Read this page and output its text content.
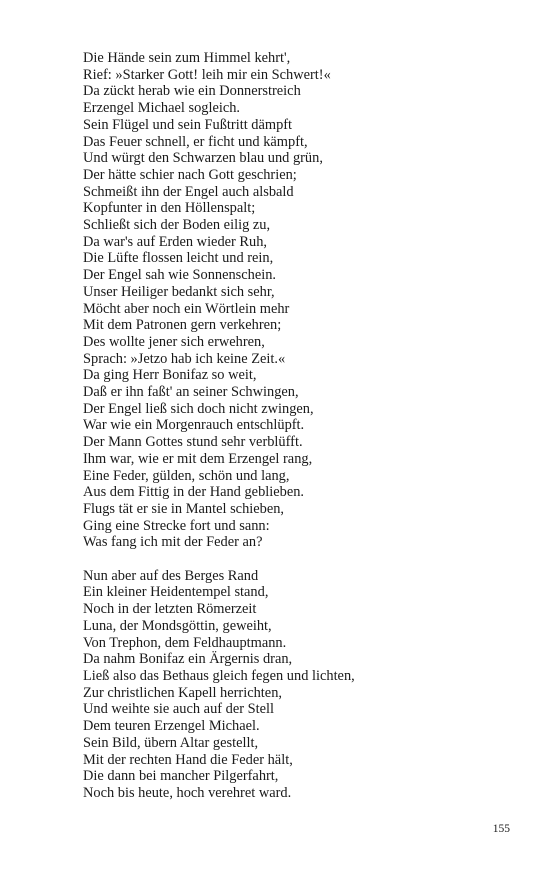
Die Hände sein zum Himmel kehrt',
Rief: »Starker Gott! leih mir ein Schwert!«
Da zückt herab wie ein Donnerstreich
Erzengel Michael sogleich.
Sein Flügel und sein Fußtritt dämpft
Das Feuer schnell, er ficht und kämpft,
Und würgt den Schwarzen blau und grün,
Der hätte schier nach Gott geschrien;
Schmeißt ihn der Engel auch alsbald
Kopfunter in den Höllenspalt;
Schließt sich der Boden eilig zu,
Da war's auf Erden wieder Ruh,
Die Lüfte flossen leicht und rein,
Der Engel sah wie Sonnenschein.
Unser Heiliger bedankt sich sehr,
Möcht aber noch ein Wörtlein mehr
Mit dem Patronen gern verkehren;
Des wollte jener sich erwehren,
Sprach: »Jetzo hab ich keine Zeit.«
Da ging Herr Bonifaz so weit,
Daß er ihn faßt' an seiner Schwingen,
Der Engel ließ sich doch nicht zwingen,
War wie ein Morgenrauch entschlüpft.
Der Mann Gottes stund sehr verblüfft.
Ihm war, wie er mit dem Erzengel rang,
Eine Feder, gülden, schön und lang,
Aus dem Fittig in der Hand geblieben.
Flugs tät er sie in Mantel schieben,
Ging eine Strecke fort und sann:
Was fang ich mit der Feder an?

Nun aber auf des Berges Rand
Ein kleiner Heidentempel stand,
Noch in der letzten Römerzeit
Luna, der Mondsgöttin, geweiht,
Von Trephon, dem Feldhauptmann.
Da nahm Bonifaz ein Ärgernis dran,
Ließ also das Bethaus gleich fegen und lichten,
Zur christlichen Kapell herrichten,
Und weihte sie auch auf der Stell
Dem teuren Erzengel Michael.
Sein Bild, übern Altar gestellt,
Mit der rechten Hand die Feder hält,
Die dann bei mancher Pilgerfahrt,
Noch bis heute, hoch verehret ward.

155
